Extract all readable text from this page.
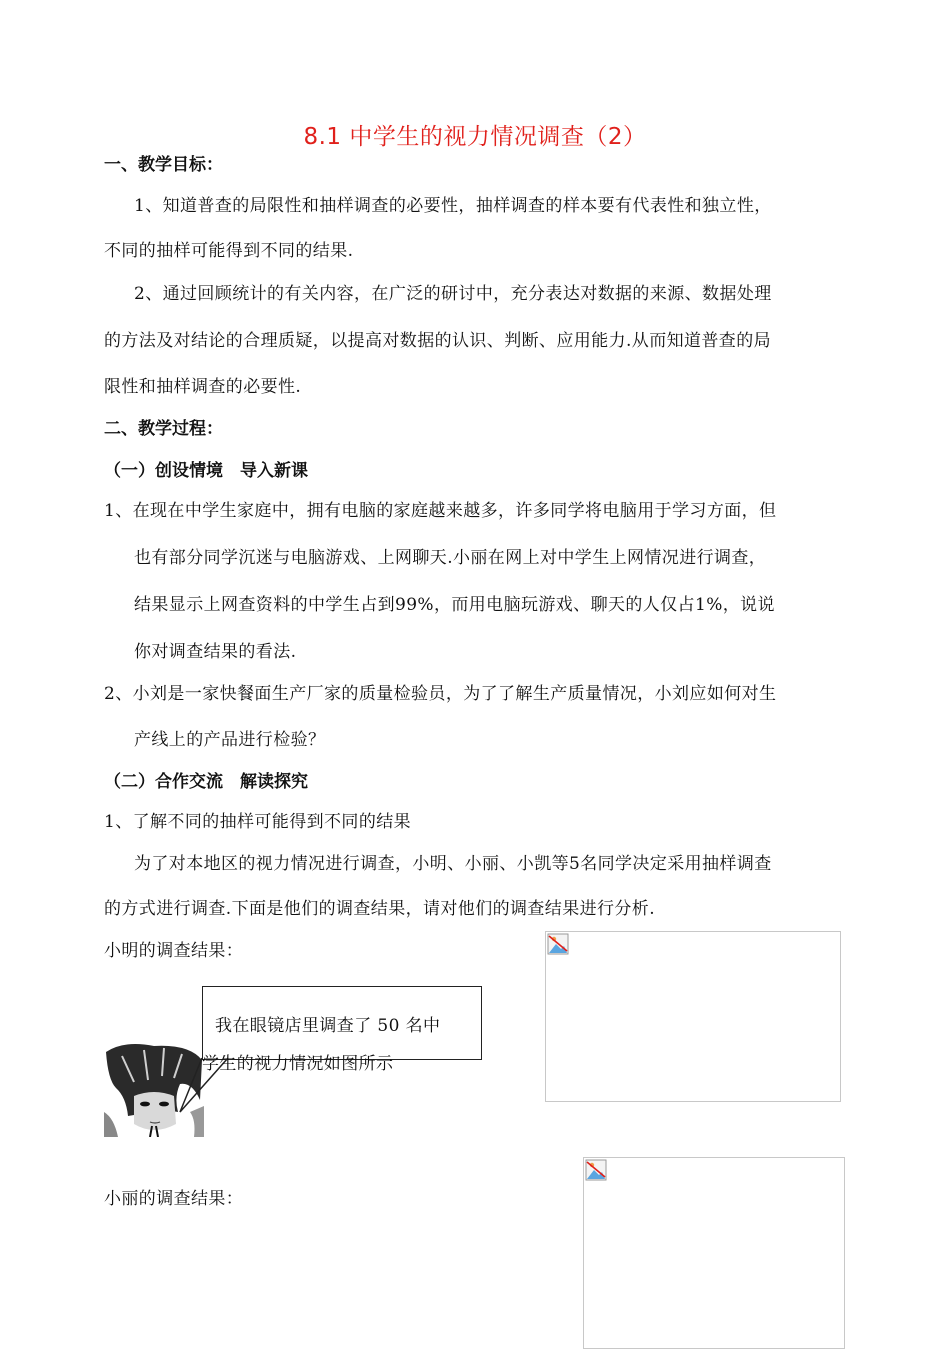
8.1 中学生的视力情况调查（2）
一、教学目标：
1、知道普查的局限性和抽样调查的必要性，抽样调查的样本要有代表性和独立性，
不同的抽样可能得到不同的结果.
2、通过回顾统计的有关内容，在广泛的研讨中，充分表达对数据的来源、数据处理
的方法及对结论的合理质疑，以提高对数据的认识、判断、应用能力.从而知道普查的局
限性和抽样调查的必要性.
二、教学过程：
（一）创设情境　导入新课
1、在现在中学生家庭中，拥有电脑的家庭越来越多，许多同学将电脑用于学习方面，但
也有部分同学沉迷与电脑游戏、上网聊天.小丽在网上对中学生上网情况进行调查，
结果显示上网查资料的中学生占到99%，而用电脑玩游戏、聊天的人仅占1%，说说
你对调查结果的看法.
2、小刘是一家快餐面生产厂家的质量检验员，为了了解生产质量情况，小刘应如何对生
产线上的产品进行检验？
（二）合作交流　解读探究
1、了解不同的抽样可能得到不同的结果
为了对本地区的视力情况进行调查，小明、小丽、小凯等5名同学决定采用抽样调查
的方式进行调查.下面是他们的调查结果，请对他们的调查结果进行分析.
小明的调查结果：
我在眼镜店里调查了 50 名中
学生的视力情况如图所示
小丽的调查结果：
